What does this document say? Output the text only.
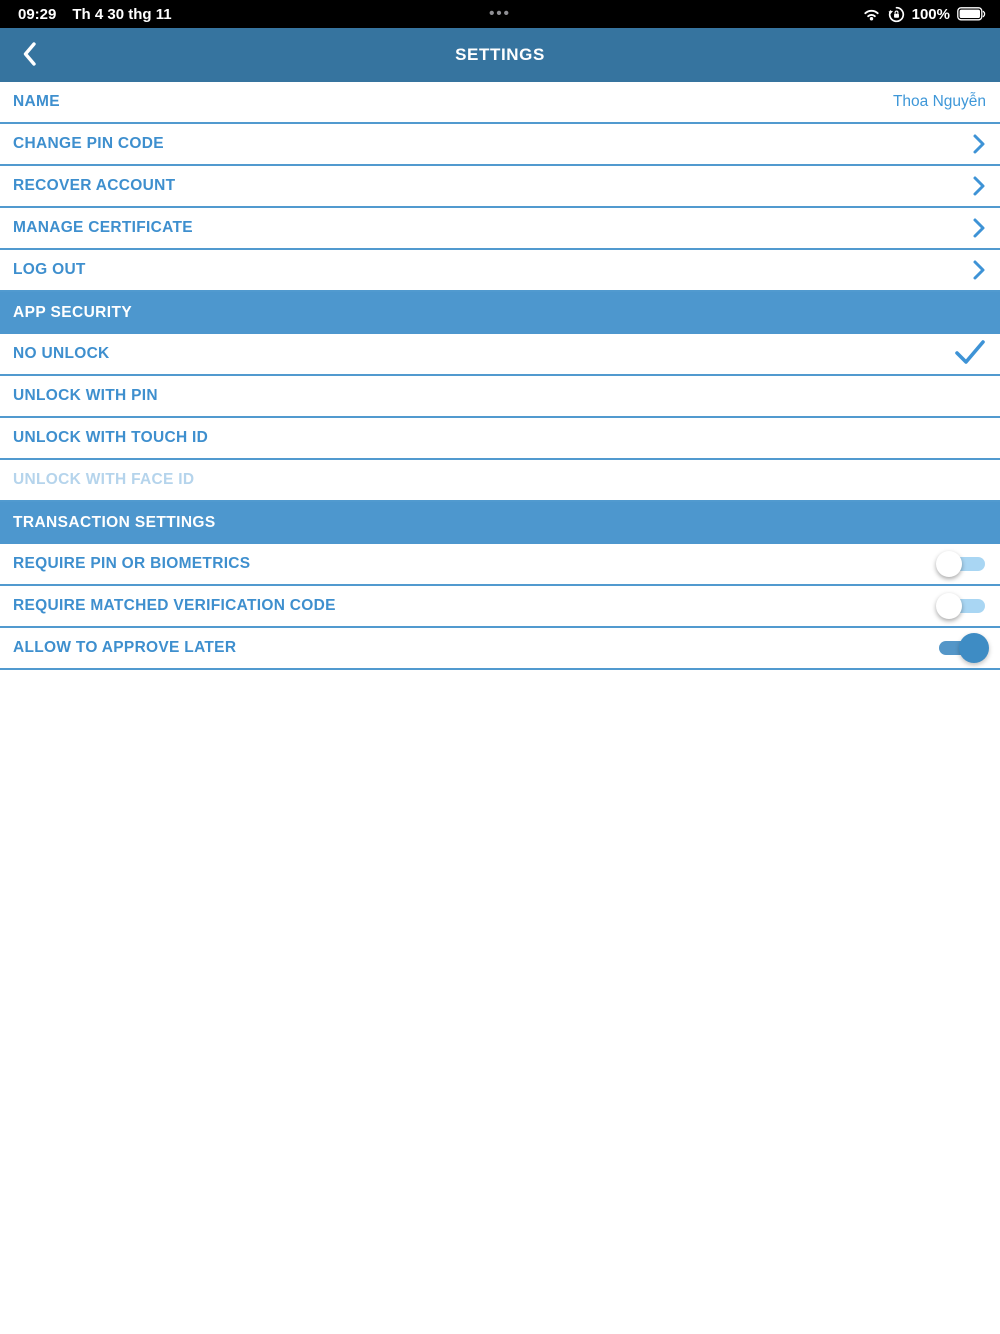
09:29 Th 4 30 thg 11	•••	100%
SETTINGS
NAME	Thoa Nguyễn
CHANGE PIN CODE
RECOVER ACCOUNT
MANAGE CERTIFICATE
LOG OUT
APP SECURITY
NO UNLOCK
UNLOCK WITH PIN
UNLOCK WITH TOUCH ID
UNLOCK WITH FACE ID
TRANSACTION SETTINGS
REQUIRE PIN OR BIOMETRICS
REQUIRE MATCHED VERIFICATION CODE
ALLOW TO APPROVE LATER
